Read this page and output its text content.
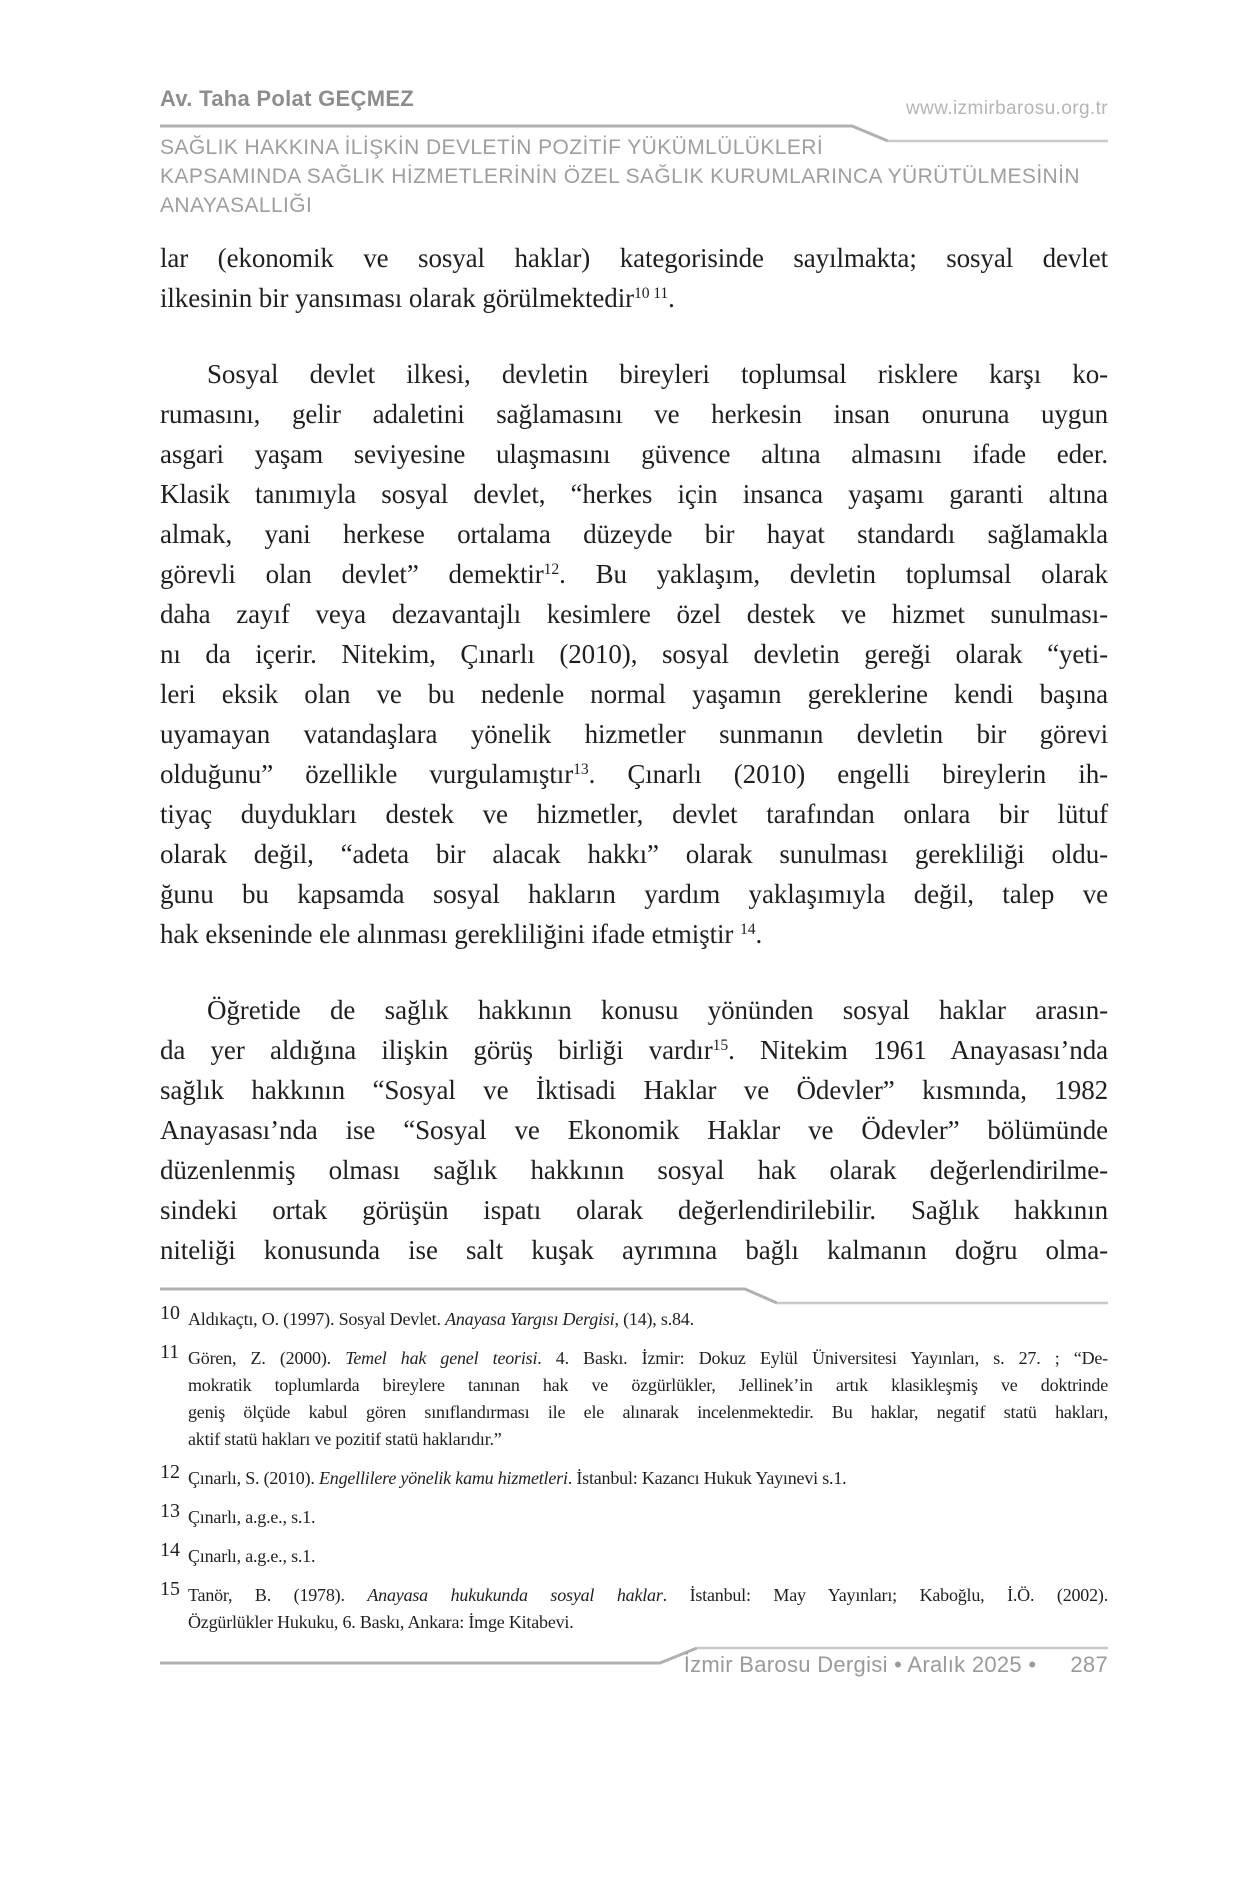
Av. Taha Polat GEÇMEZ	www.izmirbarosu.org.tr
SAĞLIK HAKKINA İLİŞKİN DEVLETİN POZİTİF YÜKÜMLÜLÜKLERİ
KAPSAMINDA SAĞLIK HİZMETLERİNİN ÖZEL SAĞLIK KURUMLARINCA YÜRÜTÜLMESİNİN
ANAYASALLIĞI

lar (ekonomik ve sosyal haklar) kategorisinde sayılmakta; sosyal devlet
ilkesinin bir yansıması olarak görülmektedir$^{10 11}$.

Sosyal devlet ilkesi, devletin bireyleri toplumsal risklere karşı ko-
rumasını, gelir adaletini sağlamasını ve herkesin insan onuruna uygun
asgari yaşam seviyesine ulaşmasını güvence altına almasını ifade eder.
Klasik tanımıyla sosyal devlet, “herkes için insanca yaşamı garanti altına
almak, yani herkese ortalama düzeyde bir hayat standardı sağlamakla
görevli olan devlet” demektir$^{12}$. Bu yaklaşım, devletin toplumsal olarak
daha zayıf veya dezavantajlı kesimlere özel destek ve hizmet sunulması-
nı da içerir. Nitekim, Çınarlı (2010), sosyal devletin gereği olarak “yeti-
leri eksik olan ve bu nedenle normal yaşamın gereklerine kendi başına
uyamayan vatandaşlara yönelik hizmetler sunmanın devletin bir görevi
olduğunu” özellikle vurgulamıştır$^{13}$. Çınarlı (2010) engelli bireylerin ih-
tiyaç duydukları destek ve hizmetler, devlet tarafından onlara bir lütuf
olarak değil, “adeta bir alacak hakkı” olarak sunulması gerekliliği oldu-
ğunu bu kapsamda sosyal hakların yardım yaklaşımıyla değil, talep ve
hak ekseninde ele alınması gerekliliğini ifade etmiştir $^{14}$.

Öğretide de sağlık hakkının konusu yönünden sosyal haklar arasın-
da yer aldığına ilişkin görüş birliği vardır$^{15}$. Nitekim 1961 Anayasası’nda
sağlık hakkının “Sosyal ve İktisadi Haklar ve Ödevler” kısmında, 1982
Anayasası’nda ise “Sosyal ve Ekonomik Haklar ve Ödevler” bölümünde
düzenlenmiş olması sağlık hakkının sosyal hak olarak değerlendirilme-
sindeki ortak görüşün ispatı olarak değerlendirilebilir. Sağlık hakkının
niteliği konusunda ise salt kuşak ayrımına bağlı kalmanın doğru olma-

10 Aldıkaçtı, O. (1997). Sosyal Devlet. Anayasa Yargısı Dergisi, (14), s.84.
11 Gören, Z. (2000). Temel hak genel teorisi. 4. Baskı. İzmir: Dokuz Eylül Üniversitesi Yayınları, s. 27. ; “De-
mokratik toplumlarda bireylere tanınan hak ve özgürlükler, Jellinek’in artık klasikleşmiş ve doktrinde
geniş ölçüde kabul gören sınıflandırması ile ele alınarak incelenmektedir. Bu haklar, negatif statü hakları,
aktif statü hakları ve pozitif statü haklarıdır.”
12 Çınarlı, S. (2010). Engellilere yönelik kamu hizmetleri. İstanbul: Kazancı Hukuk Yayınevi s.1.
13 Çınarlı, a.g.e., s.1.
14 Çınarlı, a.g.e., s.1.
15 Tanör, B. (1978). Anayasa hukukunda sosyal haklar. İstanbul: May Yayınları; Kaboğlu, İ.Ö. (2002).
Özgürlükler Hukuku, 6. Baskı, Ankara: İmge Kitabevi.
İzmir Barosu Dergisi • Aralık 2025 • 287
